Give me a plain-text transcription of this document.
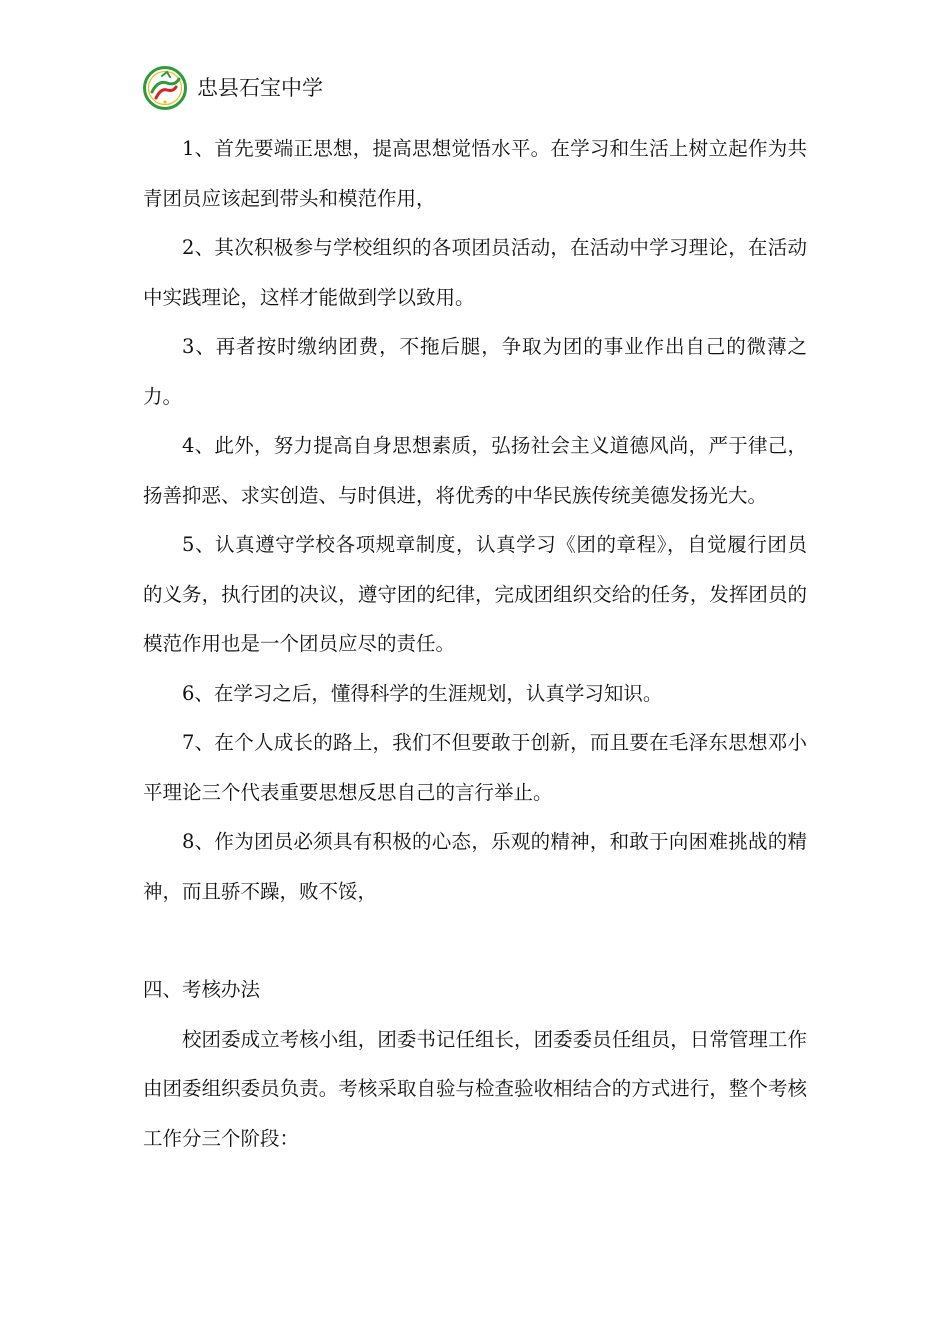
忠县石宝中学

1、首先要端正思想，提高思想觉悟水平。在学习和生活上树立起作为共青团员应该起到带头和模范作用，

2、其次积极参与学校组织的各项团员活动，在活动中学习理论，在活动中实践理论，这样才能做到学以致用。

3、再者按时缴纳团费，不拖后腿，争取为团的事业作出自己的微薄之力。

4、此外，努力提高自身思想素质，弘扬社会主义道德风尚，严于律己，扬善抑恶、求实创造、与时俱进，将优秀的中华民族传统美德发扬光大。

5、认真遵守学校各项规章制度，认真学习《团的章程》，自觉履行团员的义务，执行团的决议，遵守团的纪律，完成团组织交给的任务，发挥团员的模范作用也是一个团员应尽的责任。

6、在学习之后，懂得科学的生涯规划，认真学习知识。

7、在个人成长的路上，我们不但要敢于创新，而且要在毛泽东思想邓小平理论三个代表重要思想反思自己的言行举止。

8、作为团员必须具有积极的心态，乐观的精神，和敢于向困难挑战的精神，而且骄不躁，败不馁，

四、考核办法

校团委成立考核小组，团委书记任组长，团委委员任组员，日常管理工作由团委组织委员负责。考核采取自验与检查验收相结合的方式进行，整个考核工作分三个阶段：
